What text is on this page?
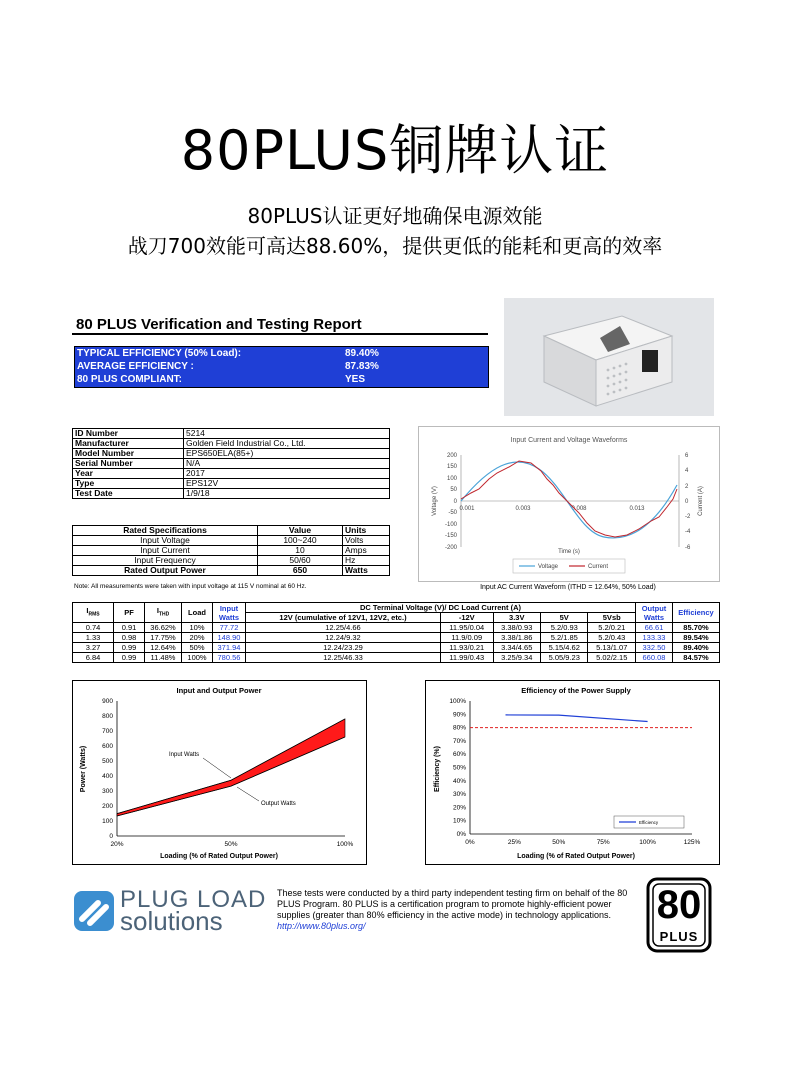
80PLUS铜牌认证
80PLUS认证更好地确保电源效能
战刀700效能可高达88.60%，提供更低的能耗和更高的效率
80 PLUS Verification and Testing Report
TYPICAL EFFICIENCY (50% Load):	89.40%
AVERAGE EFFICIENCY :	87.83%
80 PLUS COMPLIANT:	YES
ID Number	5214
Manufacturer	Golden Field Industrial Co., Ltd.
Model Number	EPS650ELA(85+)
Serial Number	N/A
Year	2017
Type	EPS12V
Test Date	1/9/18
Rated Specifications	Value	Units
Input Voltage	100~240	Volts
Input Current	10	Amps
Input Frequency	50/60	Hz
Rated Output Power	650	Watts
Note: All measurements were taken with input voltage at 115 V nominal at 60 Hz.
Input Current and Voltage Waveforms
200
150
100
50
0
-50
-100
-150
-200
6
4
2
0
-2
-4
-6
Voltage (V)	Current (A)
0.001	0.003	0.008	0.013
Time (s)
Voltage	Current
Input AC Current Waveform (ITHD = 12.64%, 50% Load)
$I_{RMS}$	PF	$I_{THD}$	Load	Input Watts	DC Terminal Voltage (V)/ DC Load Current (A)					Output Watts	Efficiency
					12V (cumulative of 12V1, 12V2, etc.)	-12V	3.3V	5V	5Vsb		
0.74	0.91	36.62%	10%	77.72	12.25/4.66	11.95/0.04	3.38/0.93	5.2/0.93	5.2/0.21	66.61	85.70%
1.33	0.98	17.75%	20%	148.90	12.24/9.32	11.9/0.09	3.38/1.86	5.2/1.85	5.2/0.43	133.33	89.54%
3.27	0.99	12.64%	50%	371.94	12.24/23.29	11.93/0.21	3.34/4.65	5.15/4.62	5.13/1.07	332.50	89.40%
6.84	0.99	11.48%	100%	780.56	12.25/46.33	11.99/0.43	3.25/9.34	5.05/9.23	5.02/2.15	660.08	84.57%
Input and Output Power
0
100
200
300
400
500
600
700
800
900
20%	50%	100%
Loading (% of Rated Output Power)
Power (Watts)	Input Watts
Output Watts
Efficiency of the Power Supply
0%
10%
20%
30%
40%
50%
60%
70%
80%
90%
100%
0%	25%	50%	75%	100%	125%
Loading (% of Rated Output Power)
Efficiency (%)
Efficiency
PLUG LOAD
solutions
These tests were conducted by a third party independent testing firm on behalf of the 80 PLUS Program. 80 PLUS is a certification program to promote highly-efficient power supplies (greater than 80% efficiency in the active mode) in technology applications.
http://www.80plus.org/	80
PLUS
